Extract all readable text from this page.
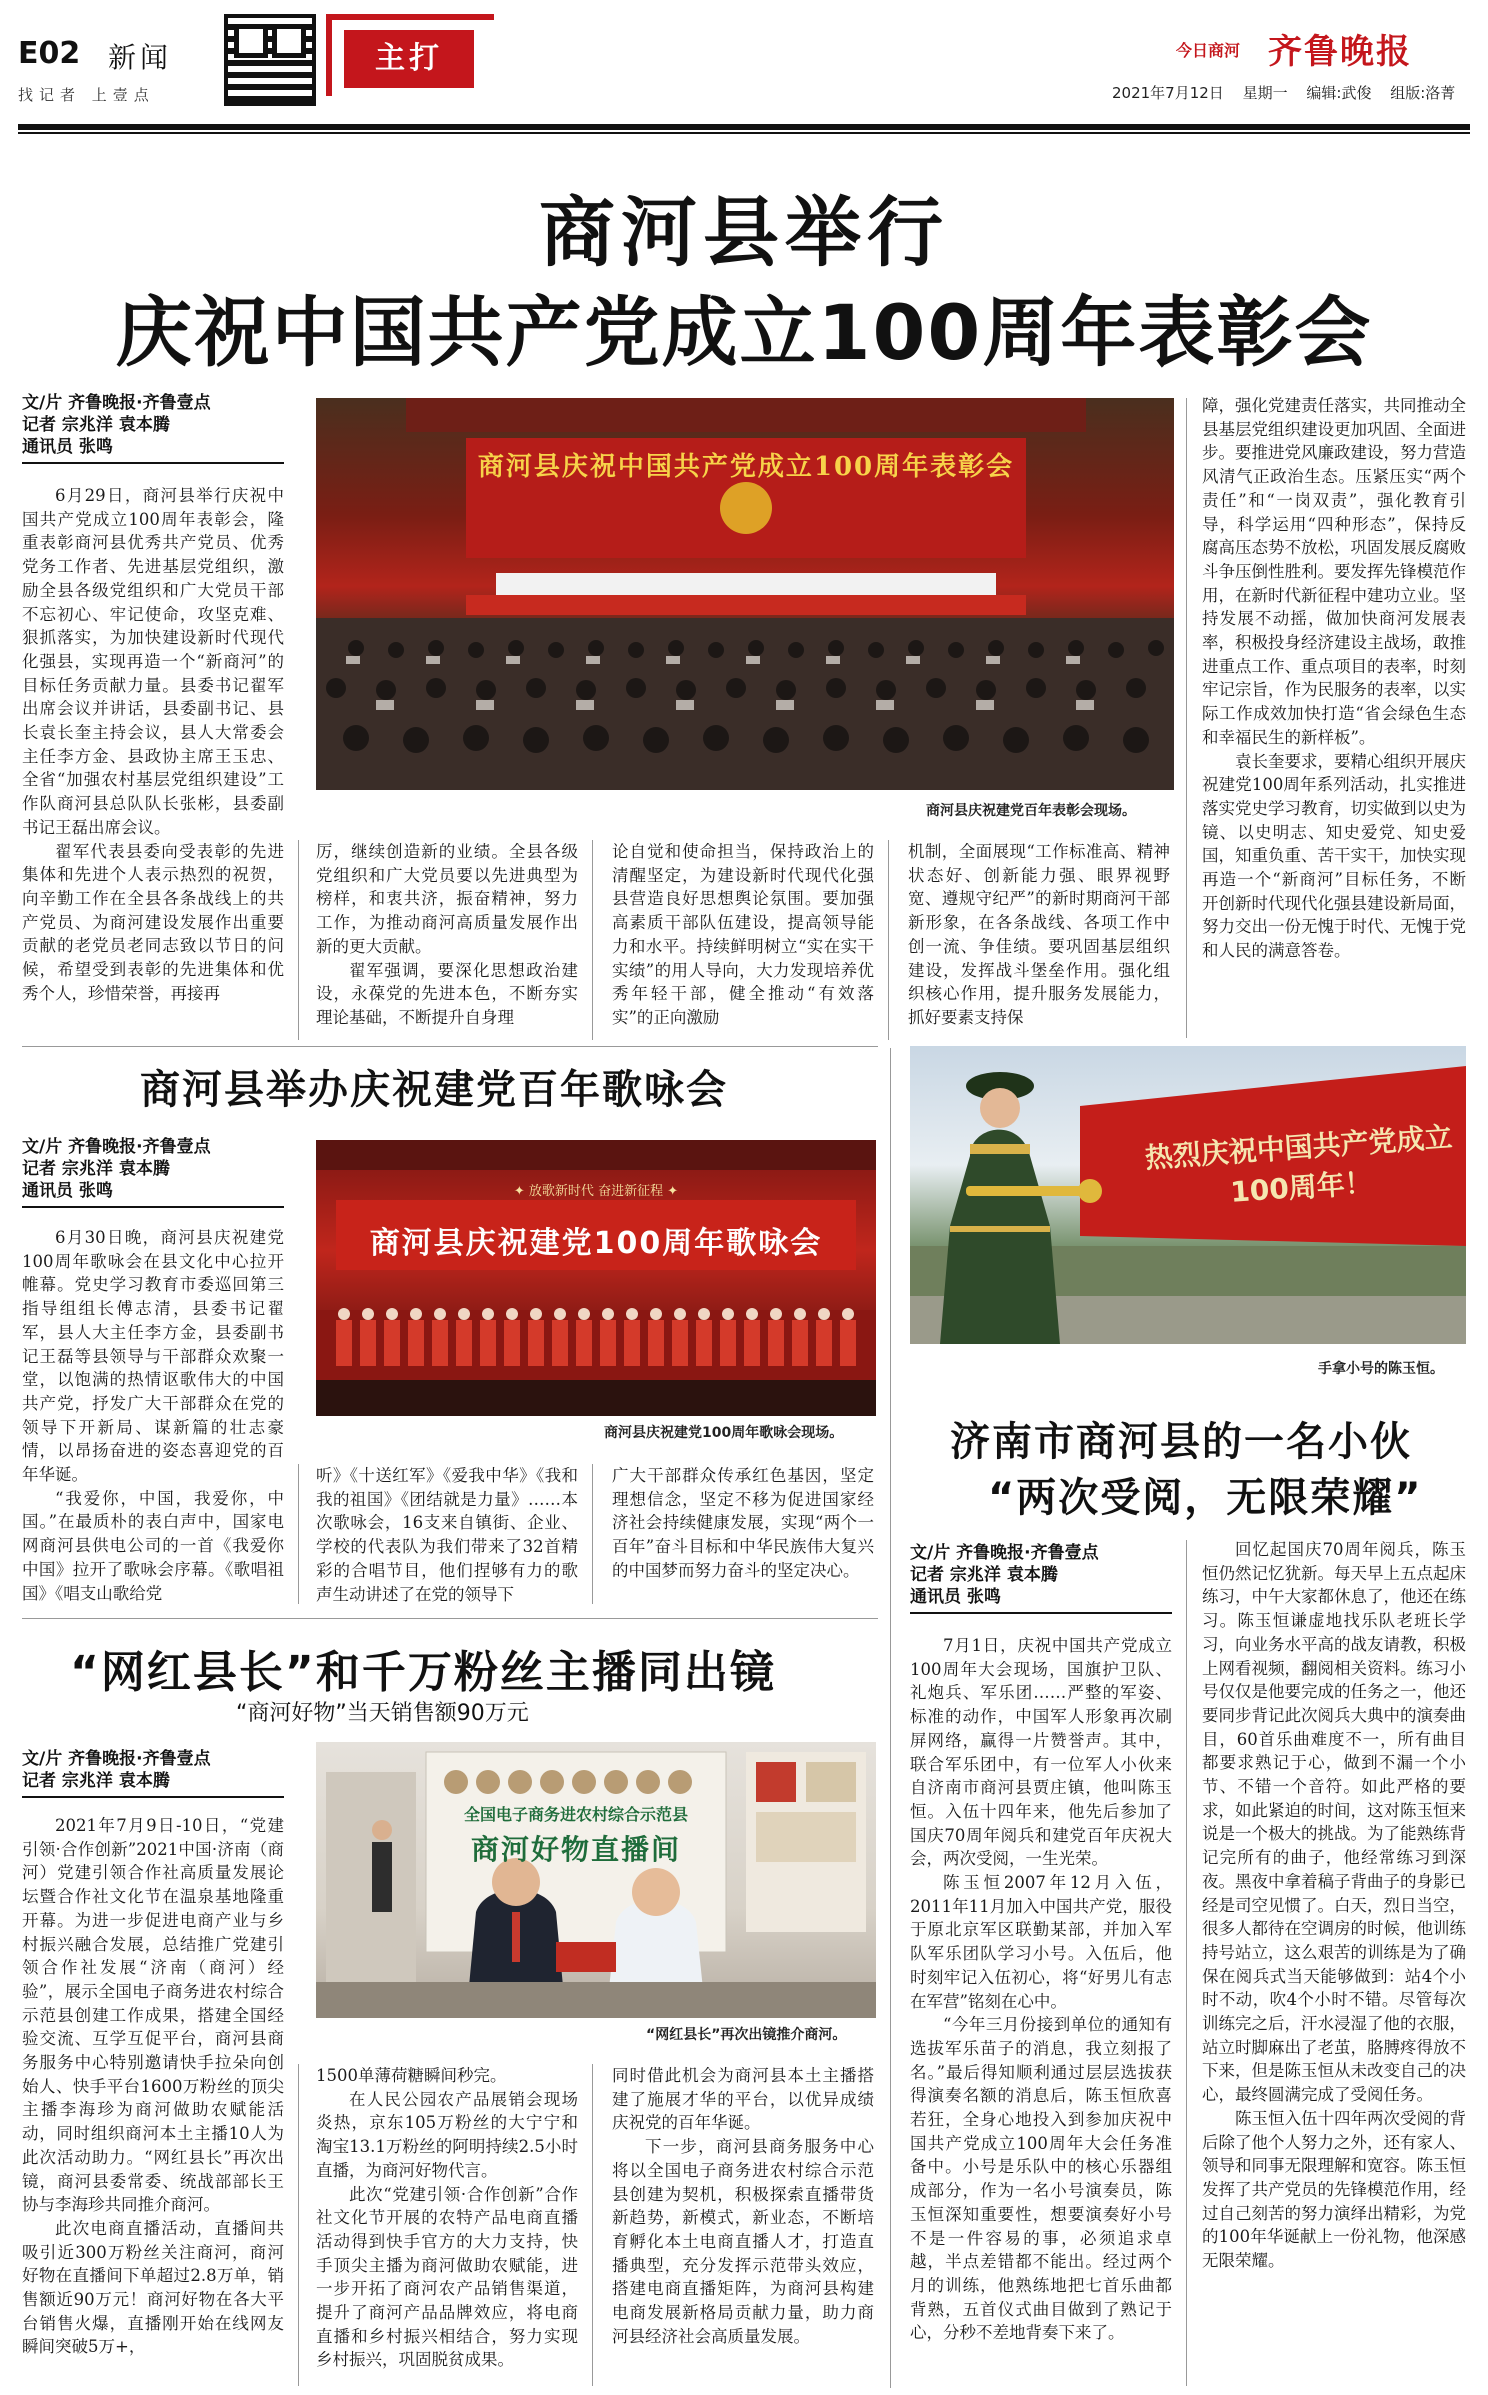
E02 新闻
找记者 上壹点
主打	今日商河 齐鲁晚报
2021年7月12日 星期一 编辑:武俊 组版:洛菁
商河县举行
庆祝中国共产党成立100周年表彰会
文/片 齐鲁晚报·齐鲁壹点
记者 宗兆洋 袁本腾
通讯员 张鸣
商河县庆祝中国共产党成立100周年表彰会
商河县庆祝建党百年表彰会现场。

6月29日，商河县举行庆祝中国共产党成立100周年表彰会，隆重表彰商河县优秀共产党员、优秀党务工作者、先进基层党组织，激励全县各级党组织和广大党员干部不忘初心、牢记使命，攻坚克难、狠抓落实，为加快建设新时代现代化强县，实现再造一个“新商河”的目标任务贡献力量。县委书记翟军出席会议并讲话，县委副书记、县长袁长奎主持会议，县人大常委会主任李方金、县政协主席王玉忠、全省“加强农村基层党组织建设”工作队商河县总队队长张彬，县委副书记王磊出席会议。

翟军代表县委向受表彰的先进集体和先进个人表示热烈的祝贺，向辛勤工作在全县各条战线上的共产党员、为商河建设发展作出重要贡献的老党员老同志致以节日的问候，希望受到表彰的先进集体和优秀个人，珍惜荣誉，再接再

厉，继续创造新的业绩。全县各级党组织和广大党员要以先进典型为榜样，和衷共济，振奋精神，努力工作，为推动商河高质量发展作出新的更大贡献。

翟军强调，要深化思想政治建设，永葆党的先进本色，不断夯实理论基础，不断提升自身理

论自觉和使命担当，保持政治上的清醒坚定，为建设新时代现代化强县营造良好思想舆论氛围。要加强高素质干部队伍建设，提高领导能力和水平。持续鲜明树立“实在实干实绩”的用人导向，大力发现培养优秀年轻干部，健全推动“有效落实”的正向激励

机制，全面展现“工作标准高、精神状态好、创新能力强、眼界视野宽、遵规守纪严”的新时期商河干部新形象，在各条战线、各项工作中创一流、争佳绩。要巩固基层组织建设，发挥战斗堡垒作用。强化组织核心作用，提升服务发展能力，抓好要素支持保

障，强化党建责任落实，共同推动全县基层党组织建设更加巩固、全面进步。要推进党风廉政建设，努力营造风清气正政治生态。压紧压实“两个责任”和“一岗双责”，强化教育引导，科学运用“四种形态”，保持反腐高压态势不放松，巩固发展反腐败斗争压倒性胜利。要发挥先锋模范作用，在新时代新征程中建功立业。坚持发展不动摇，做加快商河发展表率，积极投身经济建设主战场，敢推进重点工作、重点项目的表率，时刻牢记宗旨，作为民服务的表率，以实际工作成效加快打造“省会绿色生态和幸福民生的新样板”。

袁长奎要求，要精心组织开展庆祝建党100周年系列活动，扎实推进落实党史学习教育，切实做到以史为镜、以史明志、知史爱党、知史爱国，知重负重、苦干实干，加快实现再造一个“新商河”目标任务，不断开创新时代现代化强县建设新局面，努力交出一份无愧于时代、无愧于党和人民的满意答卷。

商河县举办庆祝建党百年歌咏会
文/片 齐鲁晚报·齐鲁壹点
记者 宗兆洋 袁本腾
通讯员 张鸣	✦ 放歌新时代 奋进新征程 ✦
商河县庆祝建党100周年歌咏会
商河县庆祝建党100周年歌咏会现场。

6月30日晚，商河县庆祝建党100周年歌咏会在县文化中心拉开帷幕。党史学习教育市委巡回第三指导组组长傅志清，县委书记翟军，县人大主任李方金，县委副书记王磊等县领导与干部群众欢聚一堂，以饱满的热情讴歌伟大的中国共产党，抒发广大干部群众在党的领导下开新局、谋新篇的壮志豪情，以昂扬奋进的姿态喜迎党的百年华诞。

“我爱你，中国，我爱你，中国。”在最质朴的表白声中，国家电网商河县供电公司的一首《我爱你中国》拉开了歌咏会序幕。《歌唱祖国》《唱支山歌给党

听》《十送红军》《爱我中华》《我和我的祖国》《团结就是力量》……本次歌咏会，16支来自镇街、企业、学校的代表队为我们带来了32首精彩的合唱节目，他们捏够有力的歌声生动讲述了在党的领导下

广大干部群众传承红色基因，坚定理想信念，坚定不移为促进国家经济社会持续健康发展，实现“两个一百年”奋斗目标和中华民族伟大复兴的中国梦而努力奋斗的坚定决心。

热烈庆祝中国共产党成立100周年！
手拿小号的陈玉恒。
济南市商河县的一名小伙
“两次受阅，无限荣耀”
文/片 齐鲁晚报·齐鲁壹点
记者 宗兆洋 袁本腾
通讯员 张鸣

7月1日，庆祝中国共产党成立100周年大会现场，国旗护卫队、礼炮兵、军乐团……严整的军姿、标准的动作，中国军人形象再次刷屏网络，赢得一片赞誉声。其中，联合军乐团中，有一位军人小伙来自济南市商河县贾庄镇，他叫陈玉恒。入伍十四年来，他先后参加了国庆70周年阅兵和建党百年庆祝大会，两次受阅，一生光荣。

陈玉恒2007年12月入伍，2011年11月加入中国共产党，服役于原北京军区联勤某部，并加入军队军乐团队学习小号。入伍后，他时刻牢记入伍初心，将“好男儿有志在军营”铭刻在心中。

“今年三月份接到单位的通知有选拔军乐苗子的消息，我立刻报了名。”最后得知顺利通过层层选拔获得演奏名额的消息后，陈玉恒欣喜若狂，全身心地投入到参加庆祝中国共产党成立100周年大会任务准备中。小号是乐队中的核心乐器组成部分，作为一名小号演奏员，陈玉恒深知重要性，想要演奏好小号不是一件容易的事，必须追求卓越，半点差错都不能出。经过两个月的训练，他熟练地把七首乐曲都背熟，五首仪式曲目做到了熟记于心，分秒不差地背奏下来了。

回忆起国庆70周年阅兵，陈玉恒仍然记忆犹新。每天早上五点起床练习，中午大家都休息了，他还在练习。陈玉恒谦虚地找乐队老班长学习，向业务水平高的战友请教，积极上网看视频，翻阅相关资料。练习小号仅仅是他要完成的任务之一，他还要同步背记此次阅兵大典中的演奏曲目，60首乐曲难度不一，所有曲目都要求熟记于心，做到不漏一个小节、不错一个音符。如此严格的要求，如此紧迫的时间，这对陈玉恒来说是一个极大的挑战。为了能熟练背记完所有的曲子，他经常练习到深夜。黑夜中拿着稿子背曲子的身影已经是司空见惯了。白天，烈日当空，很多人都待在空调房的时候，他训练持号站立，这么艰苦的训练是为了确保在阅兵式当天能够做到：站4个小时不动，吹4个小时不错。尽管每次训练完之后，汗水浸湿了他的衣服，站立时脚麻出了老茧，胳膊疼得放不下来，但是陈玉恒从未改变自己的决心，最终圆满完成了受阅任务。

陈玉恒入伍十四年两次受阅的背后除了他个人努力之外，还有家人、领导和同事无限理解和宽容。陈玉恒发挥了共产党员的先锋模范作用，经过自己刻苦的努力演绎出精彩，为党的100年华诞献上一份礼物，他深感无限荣耀。

“网红县长”和千万粉丝主播同出镜
“商河好物”当天销售额90万元
文/片 齐鲁晚报·齐鲁壹点
记者 宗兆洋 袁本腾
全国电子商务进农村综合示范县
商河好物直播间
“网红县长”再次出镜推介商河。

2021年7月9日-10日，“党建引领·合作创新”2021中国·济南（商河）党建引领合作社高质量发展论坛暨合作社文化节在温泉基地隆重开幕。为进一步促进电商产业与乡村振兴融合发展，总结推广党建引领合作社发展“济南（商河）经验”，展示全国电子商务进农村综合示范县创建工作成果，搭建全国经验交流、互学互促平台，商河县商务服务中心特别邀请快手拉朵向创始人、快手平台1600万粉丝的顶尖主播李海珍为商河做助农赋能活动，同时组织商河本土主播10人为此次活动助力。“网红县长”再次出镜，商河县委常委、统战部部长王协与李海珍共同推介商河。

此次电商直播活动，直播间共吸引近300万粉丝关注商河，商河好物在直播间下单超过2.8万单，销售额近90万元！商河好物在各大平台销售火爆，直播刚开始在线网友瞬间突破5万+，

1500单薄荷糖瞬间秒完。

在人民公园农产品展销会现场炎热，京东105万粉丝的大宁宁和淘宝13.1万粉丝的阿明持续2.5小时直播，为商河好物代言。

此次“党建引领·合作创新”合作社文化节开展的农特产品电商直播活动得到快手官方的大力支持，快手顶尖主播为商河做助农赋能，进一步开拓了商河农产品销售渠道，提升了商河产品品牌效应，将电商直播和乡村振兴相结合，努力实现乡村振兴，巩固脱贫成果。

同时借此机会为商河县本土主播搭建了施展才华的平台，以优异成绩庆祝党的百年华诞。

下一步，商河县商务服务中心将以全国电子商务进农村综合示范县创建为契机，积极探索直播带货新趋势，新模式，新业态，不断培育孵化本土电商直播人才，打造直播典型，充分发挥示范带头效应，搭建电商直播矩阵，为商河县构建电商发展新格局贡献力量，助力商河县经济社会高质量发展。
